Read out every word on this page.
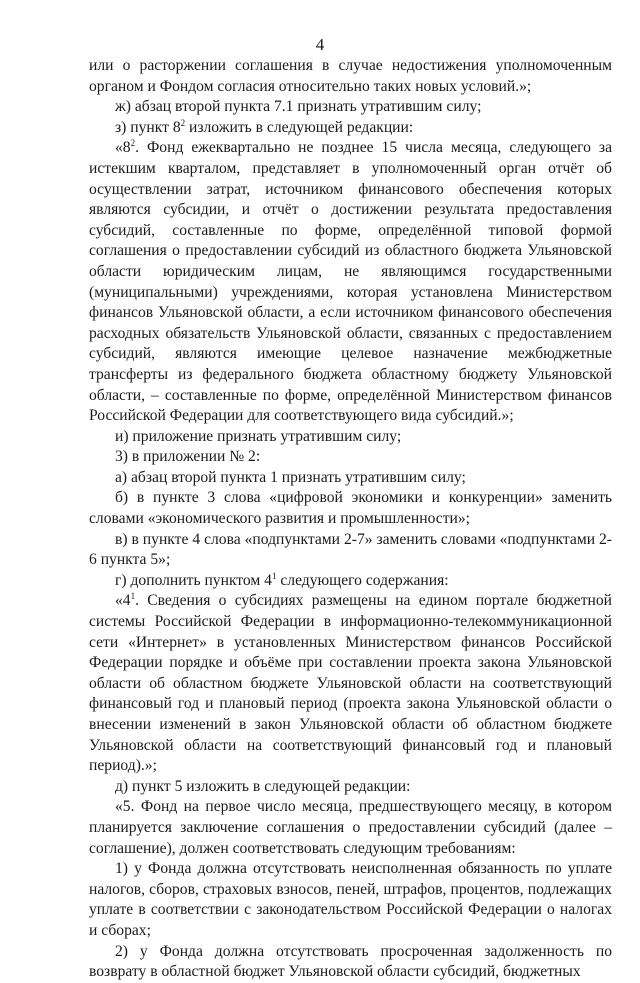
4

или о расторжении соглашения в случае недостижения уполномоченным органом и Фондом согласия относительно таких новых условий.»;

ж) абзац второй пункта 7.1 признать утратившим силу;

з) пункт $8^2$ изложить в следующей редакции:

«$8^2$. Фонд ежеквартально не позднее 15 числа месяца, следующего за истекшим кварталом, представляет в уполномоченный орган отчёт об осуществлении затрат, источником финансового обеспечения которых являются субсидии, и отчёт о достижении результата предоставления субсидий, составленные по форме, определённой типовой формой соглашения о предоставлении субсидий из областного бюджета Ульяновской области юридическим лицам, не являющимся государственными (муниципальными) учреждениями, которая установлена Министерством финансов Ульяновской области, а если источником финансового обеспечения расходных обязательств Ульяновской области, связанных с предоставлением субсидий, являются имеющие целевое назначение межбюджетные трансферты из федерального бюджета областному бюджету Ульяновской области, – составленные по форме, определённой Министерством финансов Российской Федерации для соответствующего вида субсидий.»;

и) приложение признать утратившим силу;

3) в приложении № 2:

а) абзац второй пункта 1 признать утратившим силу;

б) в пункте 3 слова «цифровой экономики и конкуренции» заменить словами «экономического развития и промышленности»;

в) в пункте 4 слова «подпунктами 2-7» заменить словами «подпунктами 2-6 пункта 5»;

г) дополнить пунктом $4^1$ следующего содержания:

«$4^1$. Сведения о субсидиях размещены на едином портале бюджетной системы Российской Федерации в информационно-телекоммуникационной сети «Интернет» в установленных Министерством финансов Российской Федерации порядке и объёме при составлении проекта закона Ульяновской области об областном бюджете Ульяновской области на соответствующий финансовый год и плановый период (проекта закона Ульяновской области о внесении изменений в закон Ульяновской области об областном бюджете Ульяновской области на соответствующий финансовый год и плановый период).»;

д) пункт 5 изложить в следующей редакции:

«5. Фонд на первое число месяца, предшествующего месяцу, в котором планируется заключение соглашения о предоставлении субсидий (далее – соглашение), должен соответствовать следующим требованиям:

1) у Фонда должна отсутствовать неисполненная обязанность по уплате налогов, сборов, страховых взносов, пеней, штрафов, процентов, подлежащих уплате в соответствии с законодательством Российской Федерации о налогах и сборах;

2) у Фонда должна отсутствовать просроченная задолженность по возврату в областной бюджет Ульяновской области субсидий, бюджетных
